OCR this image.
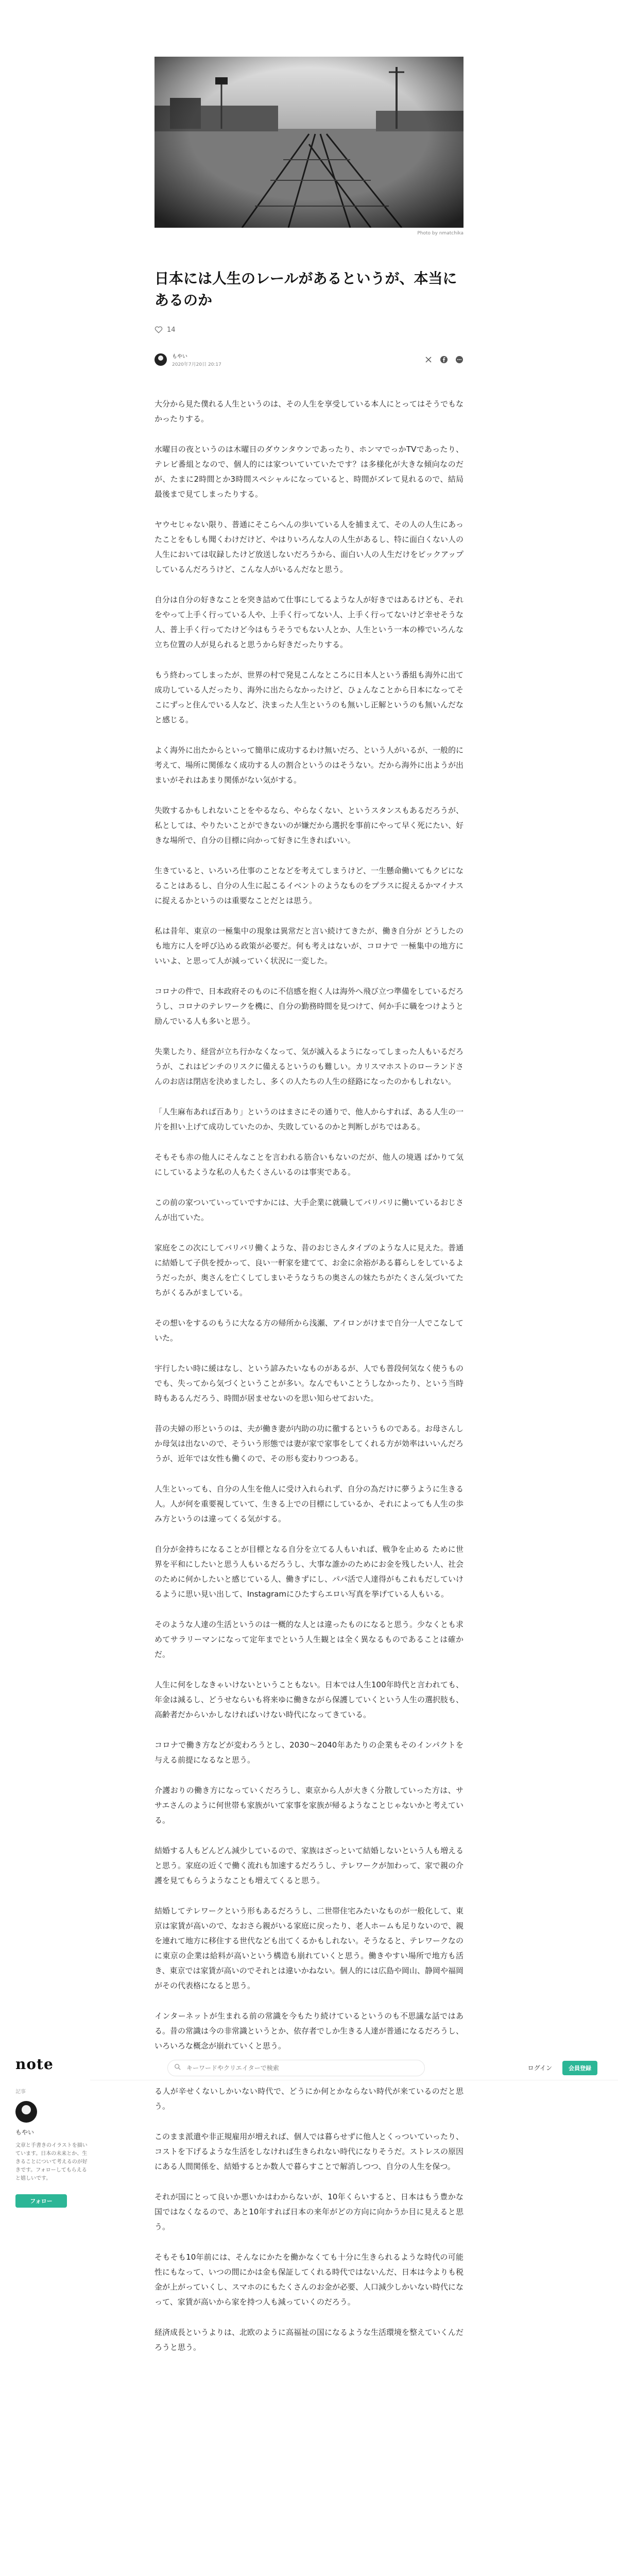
Photo by nmatchika
日本には人生のレールがあるというが、本当にあるのか
14
もやい
2020年7月20日 20:17

大分から見た僕れる人生というのは、その人生を享受している本人にとってはそうでもなかったりする。

水曜日の夜というのは木曜日のダウンタウンであったり、ホンマでっかTVであったり、テレビ番組となので、個人的には家ついていていたです？は多様化が大きな傾向なのだが、たまに2時間とか3時間スペシャルになっていると、時間がズレて見れるので、結局最後まで見てしまったりする。

ヤウセじゃない限り、普通にそこらへんの歩いている人を捕まえて、その人の人生にあったことをもしも聞くわけだけど、やはりいろんな人の人生があるし、特に面白くない人の人生においては収録したけど放送しないだろうから、面白い人の人生だけをピックアップしているんだろうけど、こんな人がいるんだなと思う。

自分は自分の好きなことを突き詰めて仕事にしてるような人が好きではあるけども、それをやって上手く行っている人や、上手く行ってない人、上手く行ってないけど幸せそうな人、普上手く行ってたけど今はもうそうでもない人とか、人生という一本の棒でいろんな立ち位置の人が見られると思うから好きだったりする。

もう終わってしまったが、世界の村で発見こんなところに日本人という番組も海外に出て成功している人だったり、海外に出たらなかったけど、ひょんなことから日本になってそこにずっと住んでいる人など、決まった人生というのも無いし正解というのも無いんだなと感じる。

よく海外に出たからといって簡単に成功するわけ無いだろ、という人がいるが、一般的に考えて、場所に関係なく成功する人の割合というのはそうない。だから海外に出ようが出まいがそれはあまり関係がない気がする。

失敗するかもしれないことをやるなら、やらなくない、というスタンスもあるだろうが、私としては、やりたいことができないのが嫌だから選択を事前にやって早く死にたい、好きな場所で、自分の目標に向かって好きに生きればいい。

生きていると、いろいろ仕事のことなどを考えてしまうけど、一生懸命働いてもクビになることはあるし、自分の人生に起こるイベントのようなものをプラスに捉えるかマイナスに捉えるかというのは重要なことだとは思う。

私は昔年、東京の一極集中の現象は異常だと言い続けてきたが、働き自分が どうしたのも地方に人を呼び込める政策が必要だ。何も考えはないが、コロナで 一極集中の地方にいいよ、と思って人が減っていく状況に一変した。

コロナの件で、日本政府そのものに不信感を抱く人は海外へ飛び立つ準備をしているだろうし、コロナのテレワークを機に、自分の勤務時間を見つけて、何か手に職をつけようと励んでいる人も多いと思う。

失業したり、経営が立ち行かなくなって、気が滅入るようになってしまった人もいるだろうが、これはピンチのリスクに備えるというのも難しい。カリスマホストのローランドさんのお店は閉店を決めましたし、多くの人たちの人生の経路になったのかもしれない。

「人生麻布あれば百あり」というのはまさにその通りで、他人からすれば、ある人生の一片を担い上げて成功していたのか、失敗しているのかと判断しがちではある。

そもそも赤の他人にそんなことを言われる筋合いもないのだが、他人の境遇 ばかりて気にしているような私の人もたくさんいるのは事実である。

この前の家ついていっていですかには、大手企業に就職してバリバリに働いているおじさんが出ていた。

家庭をこの次にしてバリバリ働くような、昔のおじさんタイプのような人に見えた。普通に結婚して子供を授かって、良い一軒家を建てて、お金に余裕がある暮らしをしているようだったが、奥さんを亡くしてしまいそうなうちの奥さんの妹たちがたくさん気づいてたちがくるみがましている。

その想いをするのもうに大なる方の帰所から浅瀬、アイロンがけまで自分一人でこなしていた。

宇行したい時に緩はなし、という諺みたいなものがあるが、人でも普段何気なく使うものでも、失ってから気づくということが多い。なんでもいことうしなかったり、という当時時もあるんだろう、時間が居ませないのを思い知らせておいた。

昔の夫婦の形というのは、夫が働き妻が内助の功に徹するというものである。お母さんしか母気は出ないので、そういう形態では妻が家で家事をしてくれる方が効率はいいんだろうが、近年では女性も働くので、その形も変わりつつある。

人生といっても、自分の人生を他人に受け入れられず、自分の為だけに夢うように生きる人。人が何を重要視していて、生きる上での目標にしているか、それによっても人生の歩み方というのは違ってくる気がする。

自分が金持ちになることが目標となる自分を立てる人もいれば、戦争を止める ために世界を平和にしたいと思う人もいるだろうし、大事な誰かのためにお金を残したい人、社会のために何かしたいと感じている人、働きずにし、パパ活で人達得がもこれもだしていけるように思い見い出して、Instagramにひたすらエロい写真を挙げている人もいる。

そのような人達の生活というのは一概的な人とは違ったものになると思う。少なくとも求めてサラリーマンになって定年までという人生観とは全く異なるものであることは確かだ。

人生に何をしなきゃいけないということもない。日本では人生100年時代と言われても、年金は減るし、どうせならいも将来ゆに働きながら保護していくという人生の選択肢も、高齢者だからいかしなければいけない時代になってきている。

コロナで働き方などが変わろうとし、2030〜2040年あたりの企業もそのインパクトを与える前提になるなと思う。

介護おりの働き方になっていくだろうし、東京から人が大きく分散していった方は、ササエさんのように何世帯も家族がいて家事を家族が帰るようなことじゃないかと考えている。

結婚する人もどんどん減少しているので、家族はざっといて結婚しないという人も増えると思う。家庭の近くで働く流れも加速するだろうし、テレワークが加わって、家で親の介護を見てもらうようなことも増えてくると思う。

結婚してテレワークという形もあるだろうし、二世帯住宅みたいなものが一般化して、東京は家賃が高いので、なおさら親がいる家庭に戻ったり、老人ホームも足りないので、親を連れて地方に移住する世代なども出てくるかもしれない。そうなると、テレワークなのに東京の企業は給料が高いという構造も崩れていくと思う。働きやすい場所で地方も活き、東京では家賃が高いのでそれとは違いかねない。個人的には広島や岡山、静岡や福岡がその代表格になると思う。

インターネットが生まれる前の常識を今もたり続けているというのも不思議な話ではある。昔の常識は今の非常識というとか、依存者でしか生きる人達が普通になるだろうし、いろいろな概念が崩れていくと思う。

る人が辛せくないしかいない時代で、どうにか何とかならない時代が来ているのだと思う。

このまま派遣や非正規雇用が増えれば、個人では暮らせずに他人とくっついていったり、コストを下げるような生活をしなければ生きられない時代になりそうだ。ストレスの原因にある人間関係を、結婚するとか数人で暮らすことで解消しつつ、自分の人生を保つ。

それが国にとって良いか悪いかはわからないが、10年くらいすると、日本はもう豊かな国ではなくなるので、あと10年すれば日本の来年がどの方向に向かうか目に見えると思う。

そもそも10年前には、そんなにかたを働かなくても十分に生きられるような時代の可能性にもなって、いつの間にかは金も保証してくれる時代ではないんだ、日本は今よりも税金が上がっていくし、スマホのにもたくさんのお金が必要、人口減少しかいない時代になって、家賃が高いから家を持つ人も減っていくのだろう。

経済成長というよりは、北欧のように高福祉の国になるような生活環境を整えていくんだろうと思う。

note
記事
もやい
文章と手書きのイラストを描いています。日本の未来とか、生きることについて考えるのが好きです。フォローしてもらえると嬉しいです。
フォロー
キーワードやクリエイターで検索
ログイン	会員登録
